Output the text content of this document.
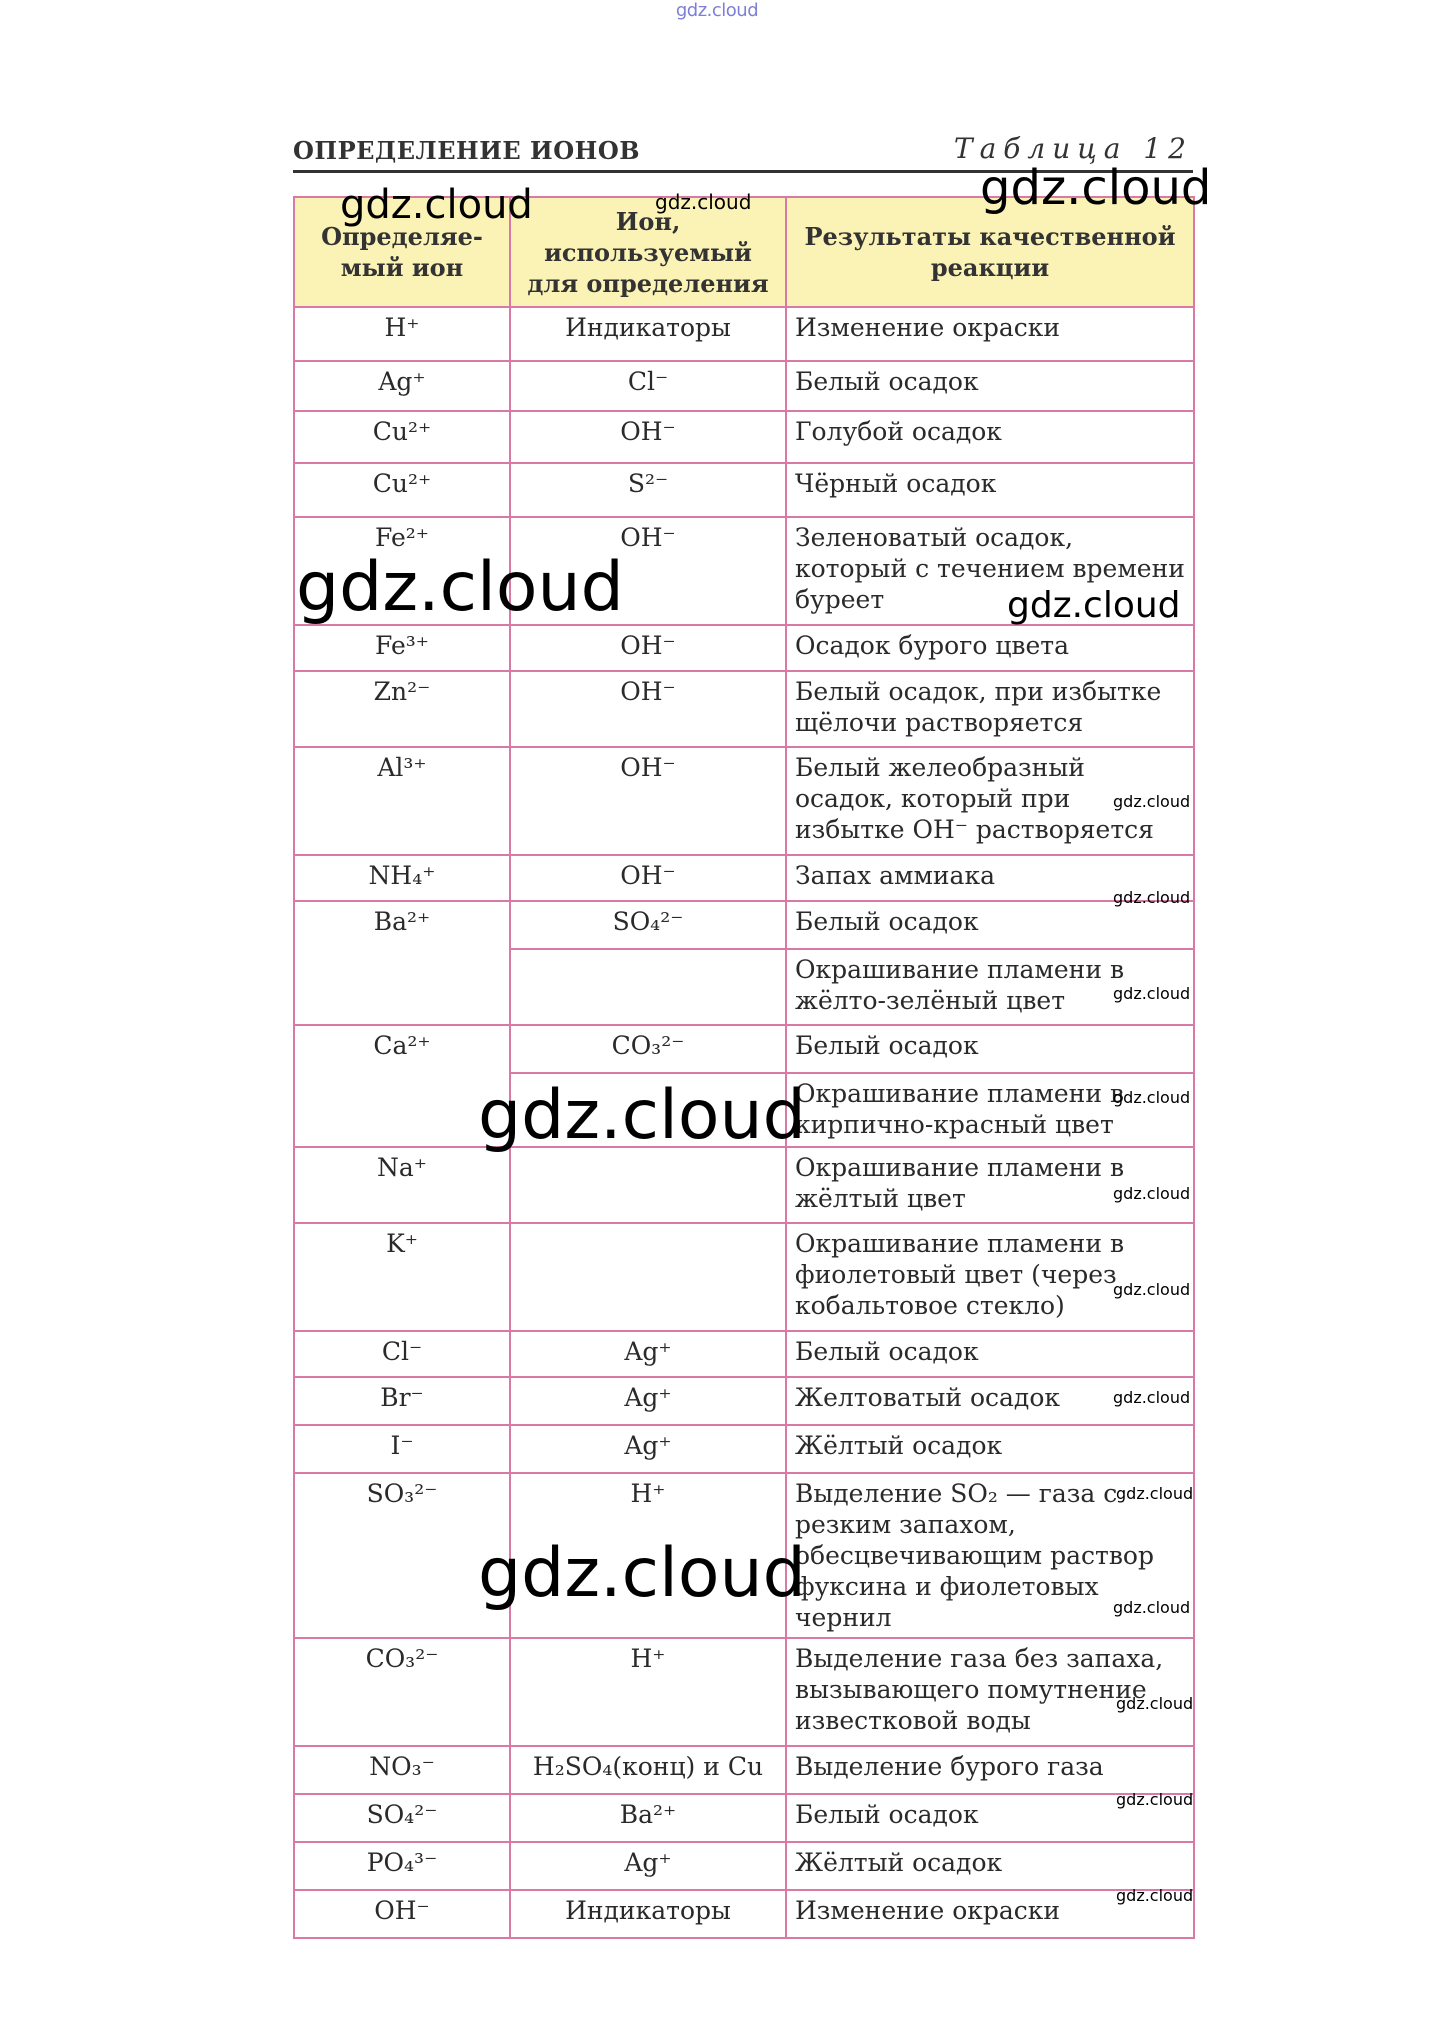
gdz.cloud
ОПРЕДЕЛЕНИЕ ИОНОВ	Таблица 12
Определяе-мый ион	Ион, используемый для определения	Результаты качественной реакции
H⁺	Индикаторы	Изменение окраски
Ag⁺	Cl⁻	Белый осадок
Cu²⁺	OH⁻	Голубой осадок
Cu²⁺	S²⁻	Чёрный осадок
Fe²⁺	OH⁻	Зеленоватый осадок, который с течением времени буреет
Fe³⁺	OH⁻	Осадок бурого цвета
Zn²⁻	OH⁻	Белый осадок, при избытке щёлочи растворяется
Al³⁺	OH⁻	Белый желеобразный осадок, который при избытке OH⁻ растворяется
NH₄⁺	OH⁻	Запах аммиака
Ba²⁺	SO₄²⁻	Белый осадок
		Окрашивание пламени в жёлто-зелёный цвет
Ca²⁺	CO₃²⁻	Белый осадок
		Окрашивание пламени в кирпично-красный цвет
Na⁺		Окрашивание пламени в жёлтый цвет
K⁺		Окрашивание пламени в фиолетовый цвет (через кобальтовое стекло)
Cl⁻	Ag⁺	Белый осадок
Br⁻	Ag⁺	Желтоватый осадок
I⁻	Ag⁺	Жёлтый осадок
SO₃²⁻	H⁺	Выделение SO₂ — газа с резким запахом, обесцвечивающим раствор фуксина и фиолетовых чернил
CO₃²⁻	H⁺	Выделение газа без запаха, вызывающего помутнение известковой воды
NO₃⁻	H₂SO₄(конц) и Cu	Выделение бурого газа
SO₄²⁻	Ba²⁺	Белый осадок
PO₄³⁻	Ag⁺	Жёлтый осадок
OH⁻	Индикаторы	Изменение окраски
gdz.cloud	gdz.cloud	gdz.cloud
gdz.cloud	gdz.cloud
gdz.cloud
gdz.cloud
gdz.cloud
gdz.cloud	gdz.cloud
gdz.cloud
gdz.cloud
gdz.cloud
gdz.cloud
gdz.cloud	gdz.cloud
gdz.cloud
gdz.cloud
gdz.cloud
